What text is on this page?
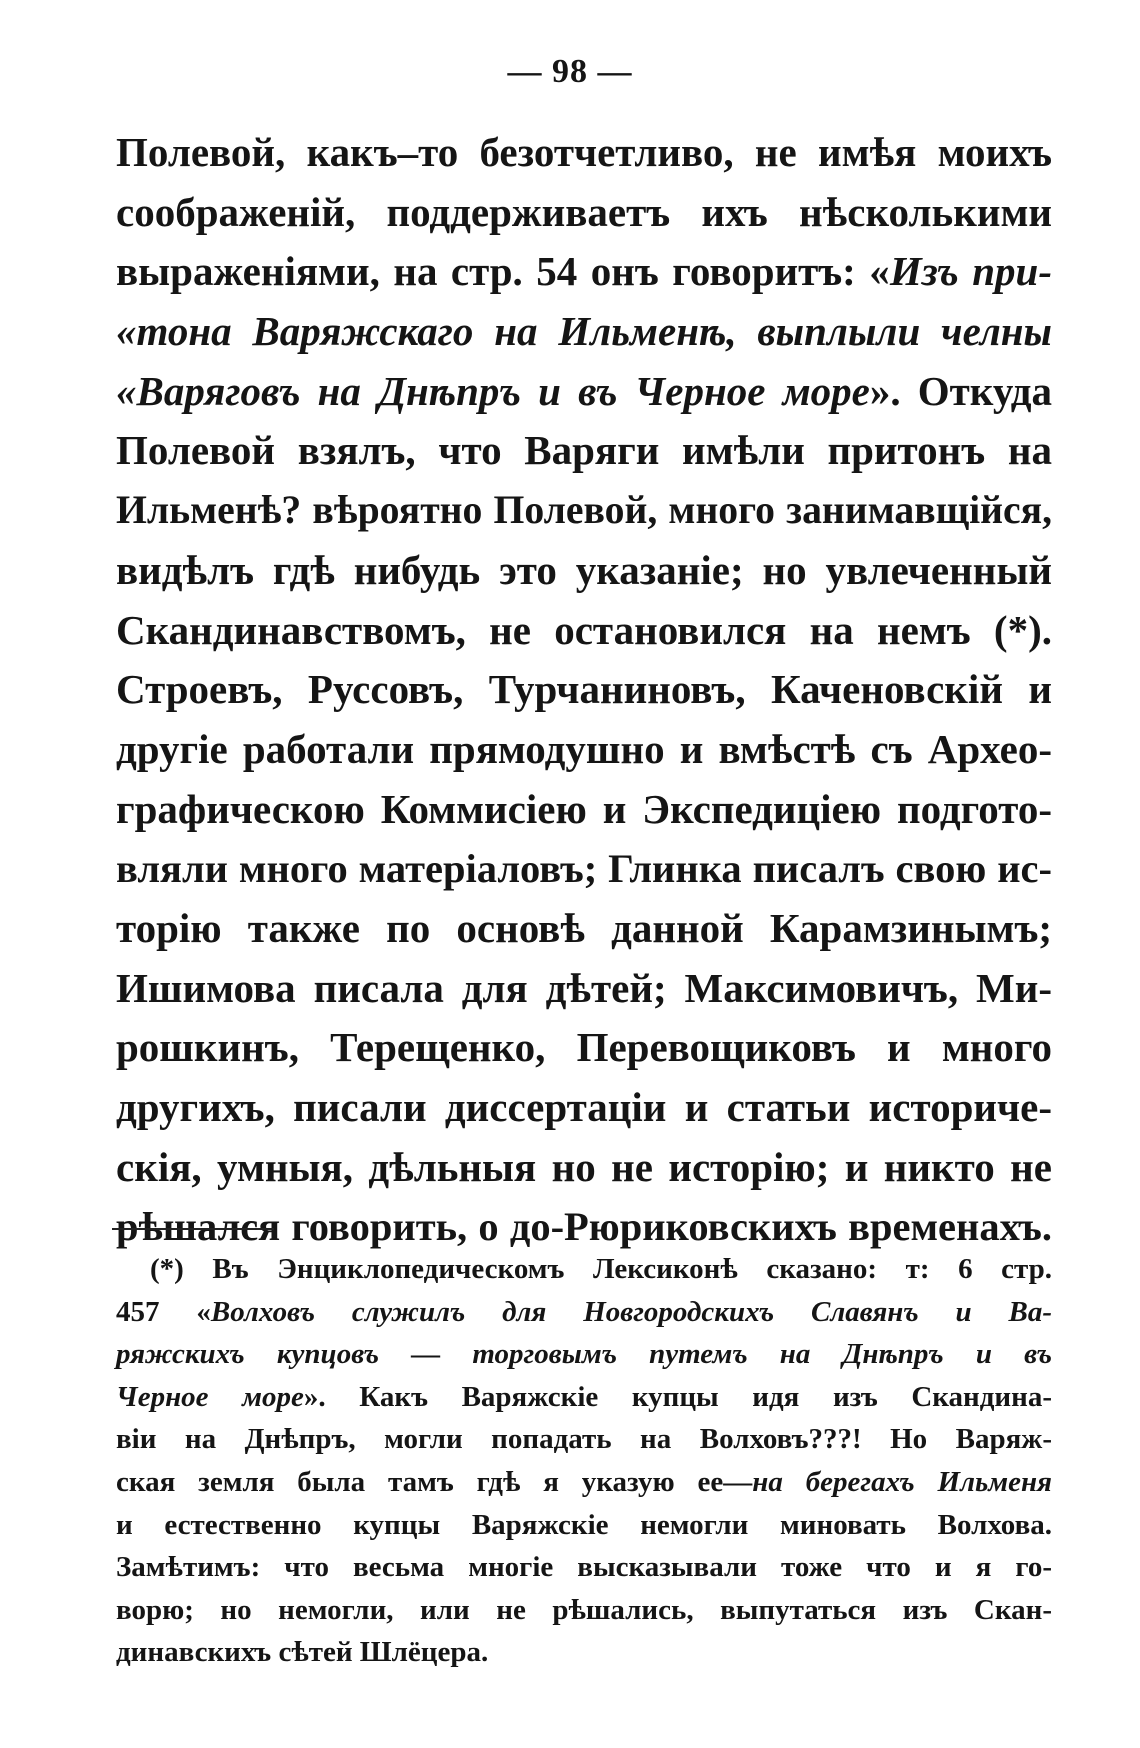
— 98 —
Полевой, какъ–то безотчетливо, не имѣя моихъ
соображеній, поддерживаетъ ихъ нѣсколькими
выраженіями, на стр. 54 онъ говоритъ: «Изъ при-
«тона Варяжскаго на Ильменѣ, выплыли челны
«Варяговъ на Днѣпръ и въ Черное море». Откуда
Полевой взялъ, что Варяги имѣли притонъ на
Ильменѣ? вѣроятно Полевой, много занимавщійся,
видѣлъ гдѣ нибудь это указаніе; но увлеченный
Скандинавствомъ, не остановился на немъ (*).
Строевъ, Руссовъ, Турчаниновъ, Каченовскій и
другіе работали прямодушно и вмѣстѣ съ Архео-
графическою Коммисіею и Экспедиціею подгото-
вляли много матеріаловъ; Глинка писалъ свою ис-
торію также по основѣ данной Карамзинымъ;
Ишимова писала для дѣтей; Максимовичъ, Ми-
рошкинъ, Терещенко, Перевощиковъ и много
другихъ, писали диссертаціи и статьи историче-
скія, умныя, дѣльныя но не исторію; и никто не
рѣшался говорить, о до-Рюриковскихъ временахъ.
(*) Въ Энциклопедическомъ Лексиконѣ сказано: т: 6 стр.
457 «Волховъ служилъ для Новгородскихъ Славянъ и Ва-
ряжскихъ купцовъ — торговымъ путемъ на Днѣпръ и въ
Черное море». Какъ Варяжскіе купцы идя изъ Скандина-
віи на Днѣпръ, могли попадать на Волховъ???! Но Варяж-
ская земля была тамъ гдѣ я указую ее—на берегахъ Ильменя
и естественно купцы Варяжскіе немогли миновать Волхова.
Замѣтимъ: что весьма многіе высказывали тоже что и я го-
ворю; но немогли, или не рѣшались, выпутаться изъ Скан-
динавскихъ сѣтей Шлёцера.
